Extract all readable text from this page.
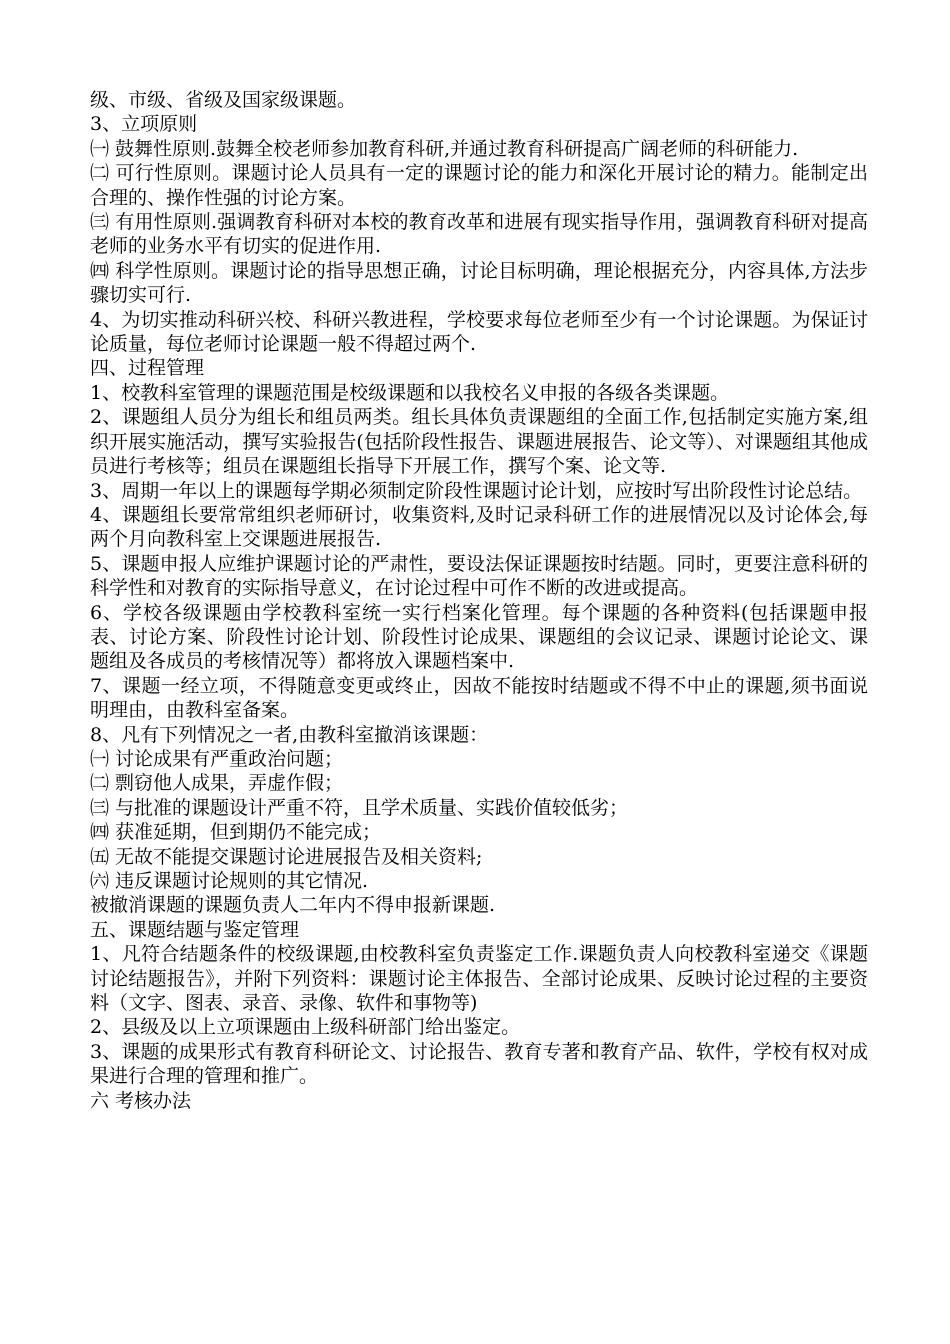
级、市级、省级及国家级课题。

3、立项原则

㈠ 鼓舞性原则.鼓舞全校老师参加教育科研,并通过教育科研提高广阔老师的科研能力.

㈡ 可行性原则。课题讨论人员具有一定的课题讨论的能力和深化开展讨论的精力。能制定出合理的、操作性强的讨论方案。

㈢ 有用性原则.强调教育科研对本校的教育改革和进展有现实指导作用，强调教育科研对提高老师的业务水平有切实的促进作用.

㈣ 科学性原则。课题讨论的指导思想正确，讨论目标明确，理论根据充分，内容具体,方法步骤切实可行.

4、为切实推动科研兴校、科研兴教进程，学校要求每位老师至少有一个讨论课题。为保证讨论质量，每位老师讨论课题一般不得超过两个.

四、过程管理

1、校教科室管理的课题范围是校级课题和以我校名义申报的各级各类课题。

2、课题组人员分为组长和组员两类。组长具体负责课题组的全面工作,包括制定实施方案,组织开展实施活动，撰写实验报告(包括阶段性报告、课题进展报告、论文等）、对课题组其他成员进行考核等；组员在课题组长指导下开展工作，撰写个案、论文等.

3、周期一年以上的课题每学期必须制定阶段性课题讨论计划，应按时写出阶段性讨论总结。

4、课题组长要常常组织老师研讨，收集资料,及时记录科研工作的进展情况以及讨论体会,每两个月向教科室上交课题进展报告.

5、课题申报人应维护课题讨论的严肃性，要设法保证课题按时结题。同时，更要注意科研的科学性和对教育的实际指导意义，在讨论过程中可作不断的改进或提高。

6、学校各级课题由学校教科室统一实行档案化管理。每个课题的各种资料(包括课题申报表、讨论方案、阶段性讨论计划、阶段性讨论成果、课题组的会议记录、课题讨论论文、课题组及各成员的考核情况等）都将放入课题档案中.

7、课题一经立项，不得随意变更或终止，因故不能按时结题或不得不中止的课题,须书面说明理由，由教科室备案。

8、凡有下列情况之一者,由教科室撤消该课题：

㈠ 讨论成果有严重政治问题；

㈡ 剽窃他人成果，弄虚作假；

㈢ 与批准的课题设计严重不符，且学术质量、实践价值较低劣；

㈣ 获准延期，但到期仍不能完成；

㈤ 无故不能提交课题讨论进展报告及相关资料;

㈥ 违反课题讨论规则的其它情况.

被撤消课题的课题负责人二年内不得申报新课题.

五、课题结题与鉴定管理

1、凡符合结题条件的校级课题,由校教科室负责鉴定工作.课题负责人向校教科室递交《课题讨论结题报告》，并附下列资料：课题讨论主体报告、全部讨论成果、反映讨论过程的主要资料（文字、图表、录音、录像、软件和事物等)

2、县级及以上立项课题由上级科研部门给出鉴定。

3、课题的成果形式有教育科研论文、讨论报告、教育专著和教育产品、软件，学校有权对成果进行合理的管理和推广。

六 考核办法
